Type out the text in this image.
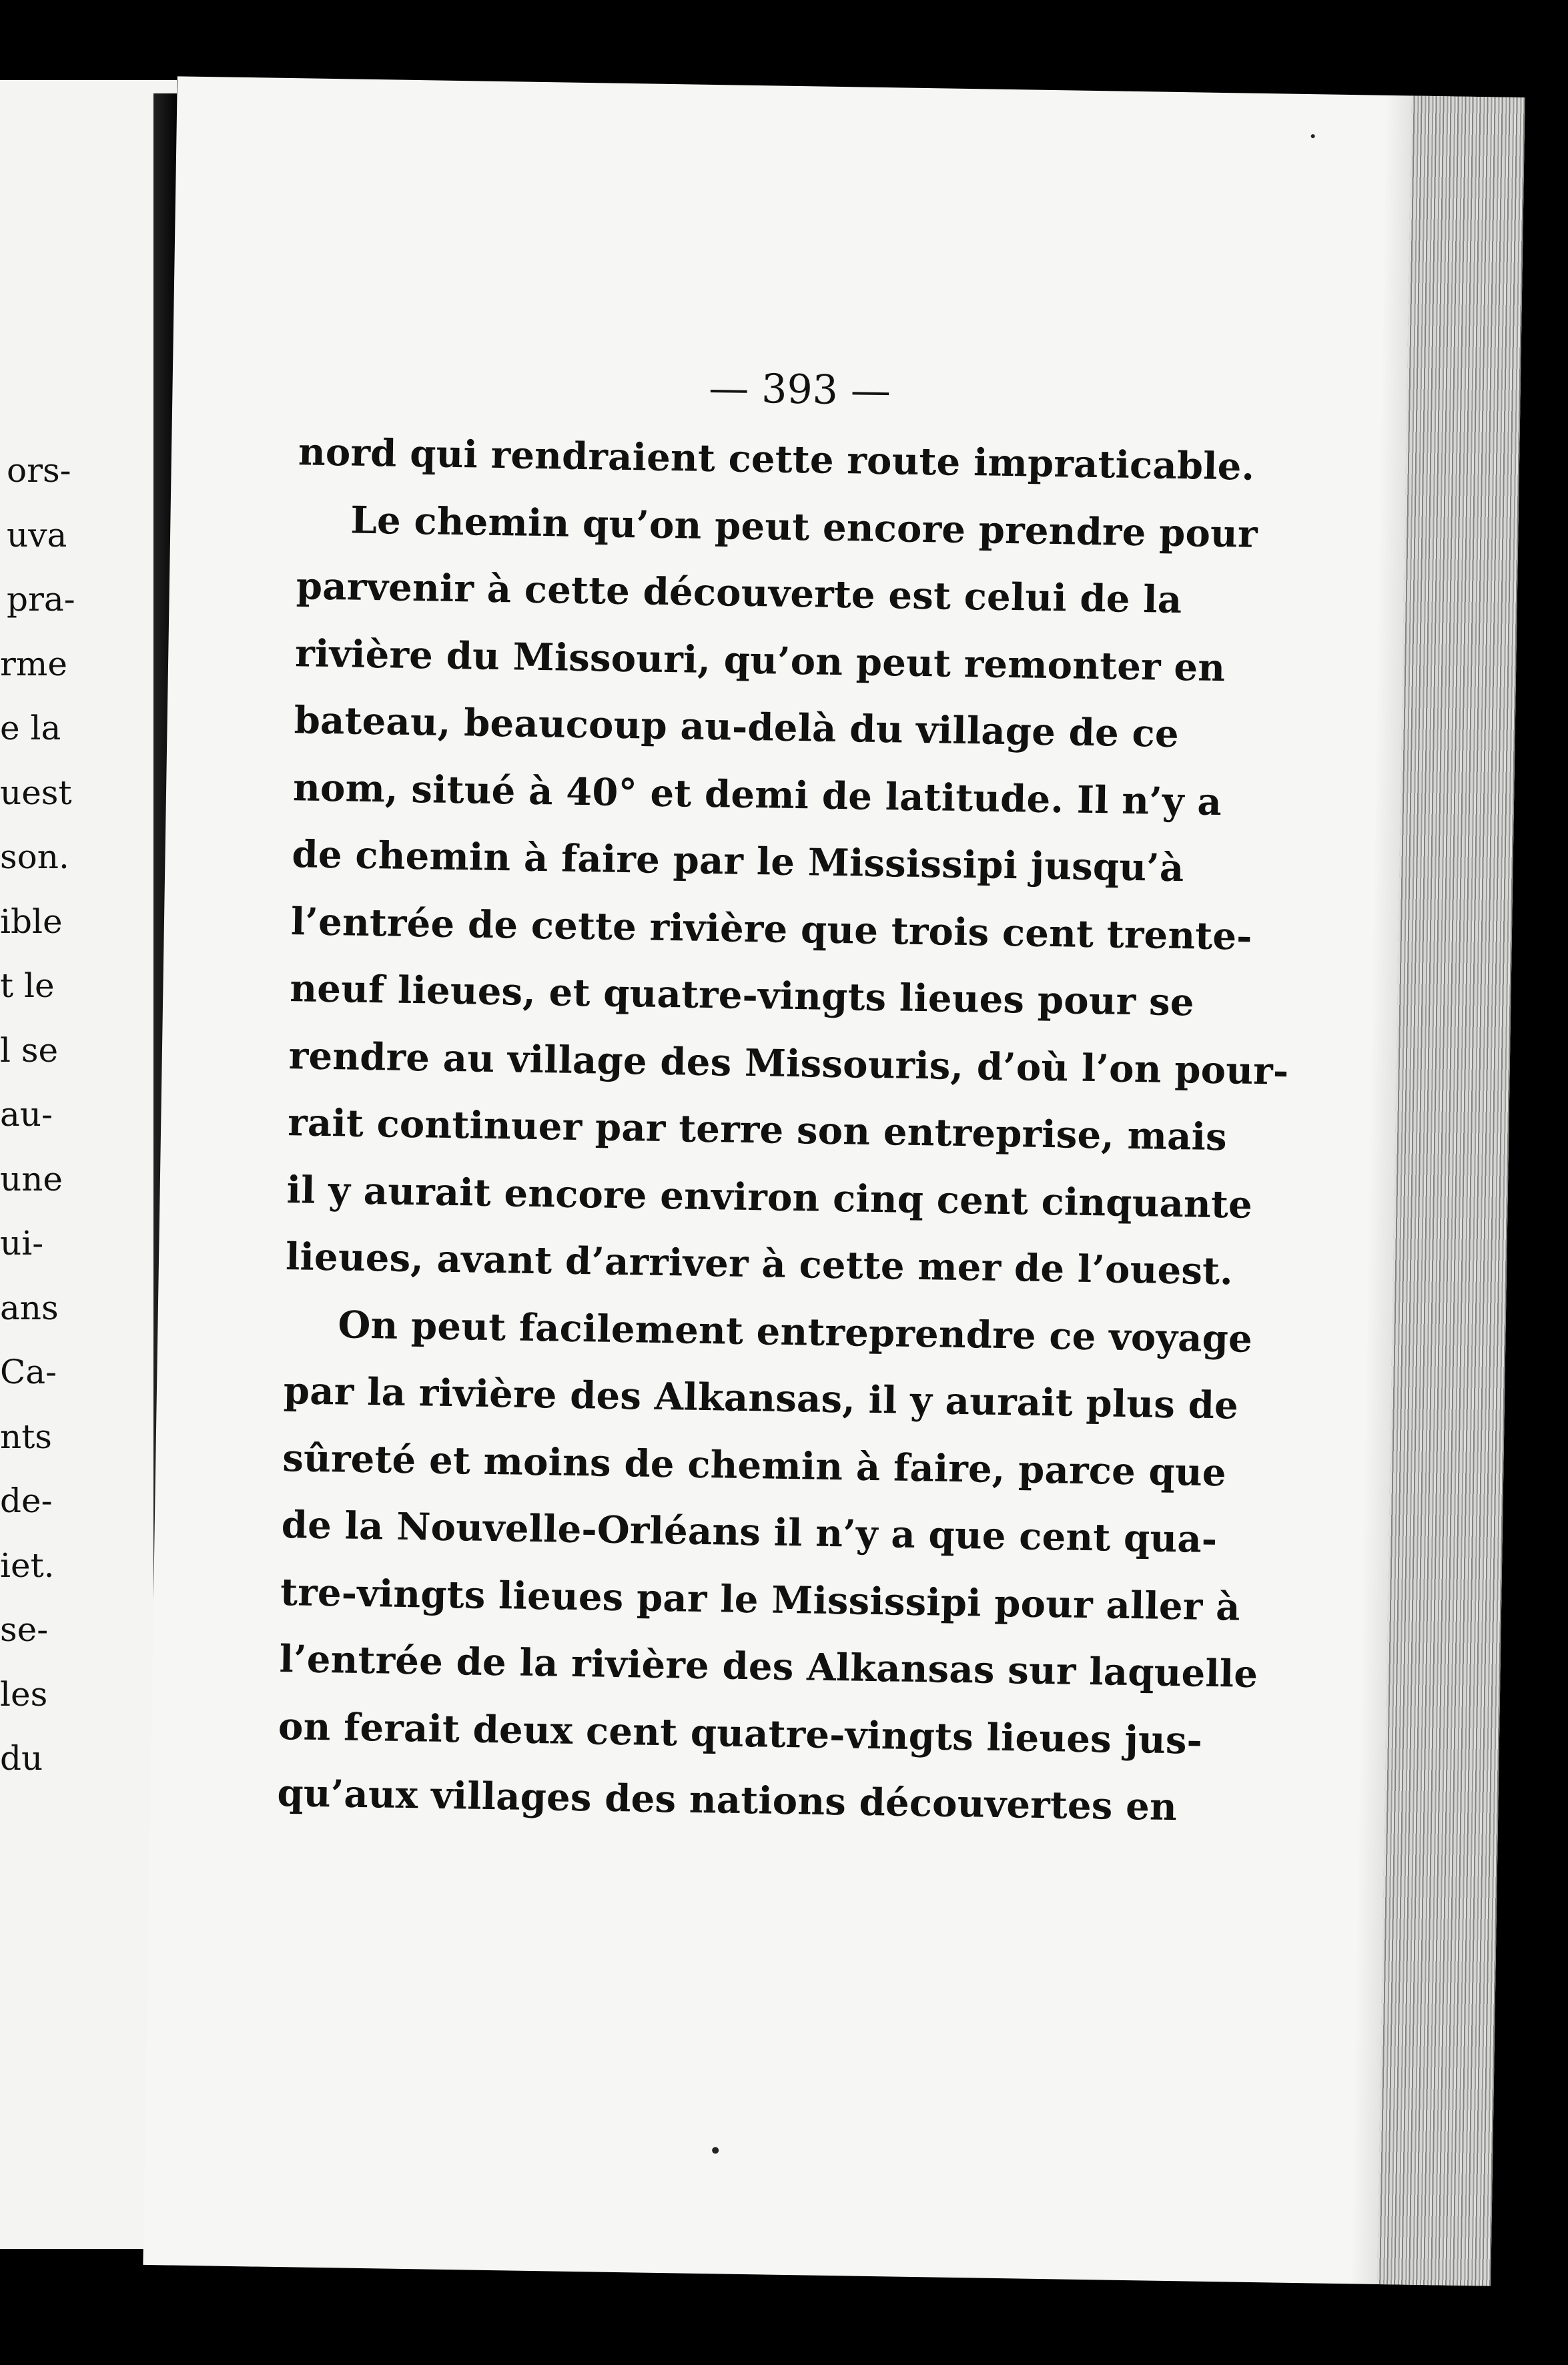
ors-
uva
pra-
rme
e la
uest
son.
ible
t le
l se
au-
une
ui-
ans
Ca-
nts
de-
iet.
se-
les
du
— 393 —
nord qui rendraient cette route impraticable.
Le chemin qu’on peut encore prendre pour
parvenir à cette découverte est celui de la
rivière du Missouri, qu’on peut remonter en
bateau, beaucoup au-delà du village de ce
nom, situé à 40° et demi de latitude. Il n’y a
de chemin à faire par le Mississipi jusqu’à
l’entrée de cette rivière que trois cent trente-
neuf lieues, et quatre-vingts lieues pour se
rendre au village des Missouris, d’où l’on pour-
rait continuer par terre son entreprise, mais
il y aurait encore environ cinq cent cinquante
lieues, avant d’arriver à cette mer de l’ouest.
On peut facilement entreprendre ce voyage
par la rivière des Alkansas, il y aurait plus de
sûreté et moins de chemin à faire, parce que
de la Nouvelle-Orléans il n’y a que cent qua-
tre-vingts lieues par le Mississipi pour aller à
l’entrée de la rivière des Alkansas sur laquelle
on ferait deux cent quatre-vingts lieues jus-
qu’aux villages des nations découvertes en
